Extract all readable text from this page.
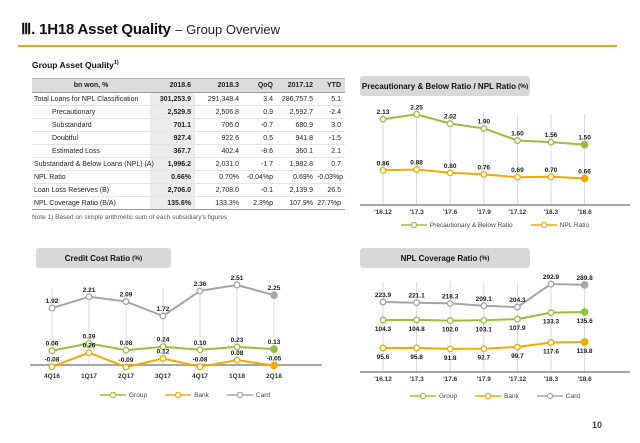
Ⅲ. 1H18 Asset Quality – Group Overview
Group Asset Quality$^{1)}$
bn won, %	2018.6	2018.3	QoQ	2017.12	YTD
Total Loans for NPL Classification	301,253.9	291,348.4	3.4	286,757.5	5.1
Precautionary	2,529.5	2,506.8	0.9	2,592.7	-2.4
Substandard	701.1	706.0	-0.7	680.9	3.0
Doubtful	927.4	922.6	0.5	941.8	-1.5
Estimated Loss	367.7	402.4	-8.6	360.1	2.1
Substandard & Below Loans (NPL) (A)	1,996.2	2,031.0	-1.7	1,982.8	0.7
NPL Ratio	0.66%	0.70%	-0.04%p	0.69%	-0.03%p
Loan Loss Reserves (B)	2,706.0	2,708.0	-0.1	2,139.9	26.5
NPL Coverage Ratio (B/A)	135.6%	133.3%	2.3%p	107.9%	27.7%p
Note 1) Based on simple arithmetic sum of each subsidiary's figures
Precautionary & Below Ratio / NPL Ratio (%)
2.13
2.25
2.02
1.90
1.60	1.56	1.50
0.86	0.88	0.80	0.76	0.69	0.70	0.66
'16.12	'17.3	'17.6	'17.9	'17.12	'18.3	'18.6
Precautionary & Below Ratio	NPL Ratio
Credit Cost Ratio (%)
1.92
2.21
2.09
1.72
2.36
2.51
2.25
0.06
0.39
0.08	0.24	0.10	0.23	0.13
-0.08
0.26
-0.09
0.12
-0.08
0.08
-0.05
4Q16	1Q17	2Q17	3Q17	4Q17	1Q18	2Q18
Group	Bank	Card
NPL Coverage Ratio (%)
223.9	221.1	218.3	209.1	204.3
292.9	289.8
104.3	104.8	102.0	103.1	107.9
133.3	135.6
95.6	95.8	91.8	92.7	99.7
117.6	119.8
'16.12	'17.3	'17.6	'17.9	'17.12	'18.3	'18.6
Group	Bank	Card
10
